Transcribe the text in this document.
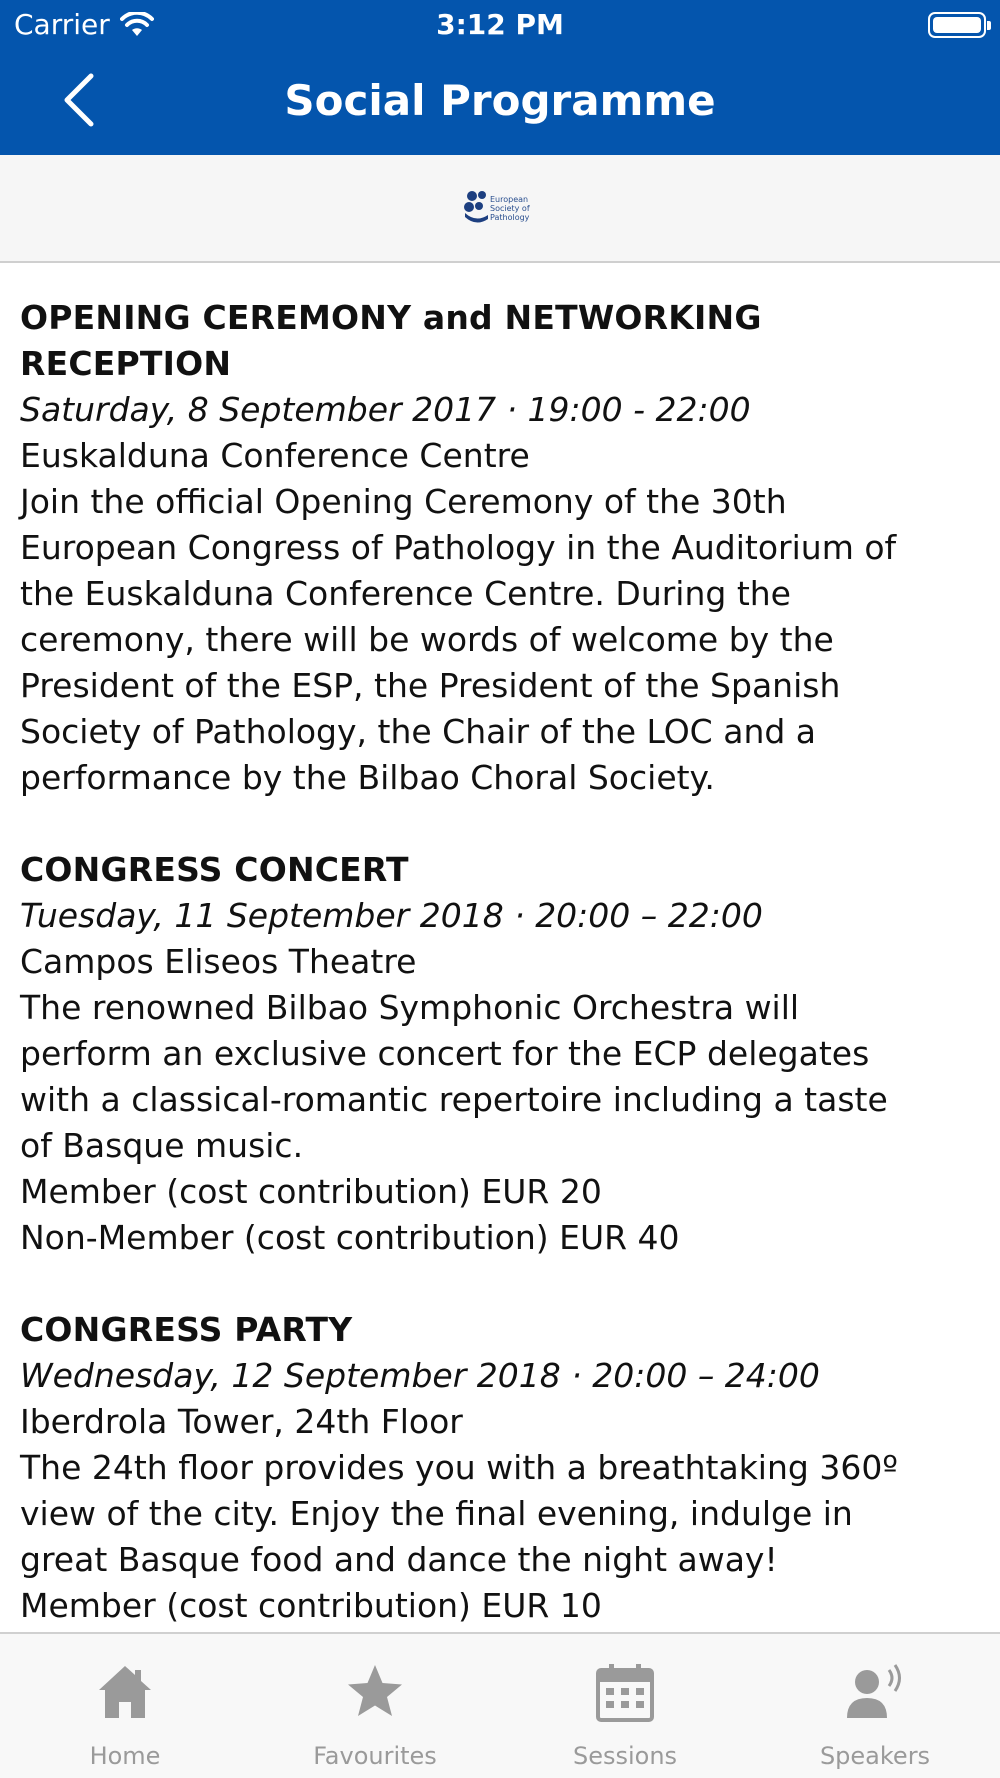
Carrier	3:12 PM
Social Programme
European
Society of
Pathology
OPENING CEREMONY and NETWORKING
RECEPTION
Saturday, 8 September 2017 · 19:00 - 22:00
Euskalduna Conference Centre
Join the official Opening Ceremony of the 30th
European Congress of Pathology in the Auditorium of
the Euskalduna Conference Centre. During the
ceremony, there will be words of welcome by the
President of the ESP, the President of the Spanish
Society of Pathology, the Chair of the LOC and a
performance by the Bilbao Choral Society.
CONGRESS CONCERT
Tuesday, 11 September 2018 · 20:00 – 22:00
Campos Eliseos Theatre
The renowned Bilbao Symphonic Orchestra will
perform an exclusive concert for the ECP delegates
with a classical-romantic repertoire including a taste
of Basque music.
Member (cost contribution) EUR 20
Non-Member (cost contribution) EUR 40
CONGRESS PARTY
Wednesday, 12 September 2018 · 20:00 – 24:00
Iberdrola Tower, 24th Floor
The 24th floor provides you with a breathtaking 360º
view of the city. Enjoy the final evening, indulge in
great Basque food and dance the night away!
Member (cost contribution) EUR 10
Home	Favourites	Sessions	Speakers
